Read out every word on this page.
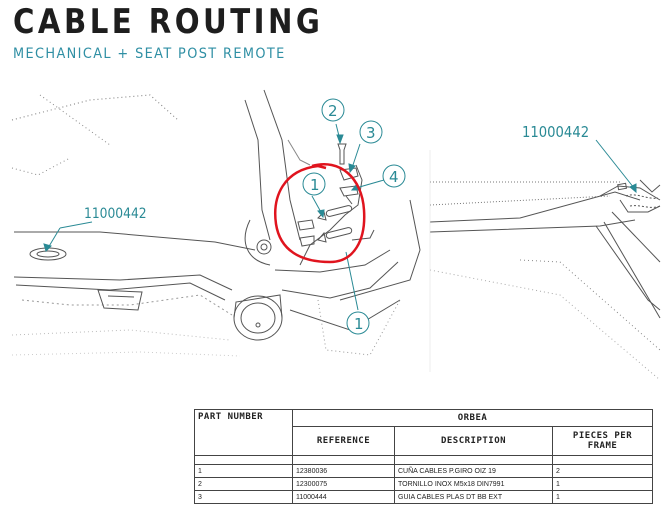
CABLE ROUTING
MECHANICAL + SEAT POST REMOTE
11000442
11000442
2
3
4
1
1
PART NUMBER	ORBEA		
	REFERENCE	DESCRIPTION	PIECES PER FRAME

1	12380036	CUÑA CABLES P.GIRO OIZ 19	2
2	12300075	TORNILLO INOX M5x18 DIN7991	1
3	11000444	GUIA CABLES PLAS DT BB EXT	1
